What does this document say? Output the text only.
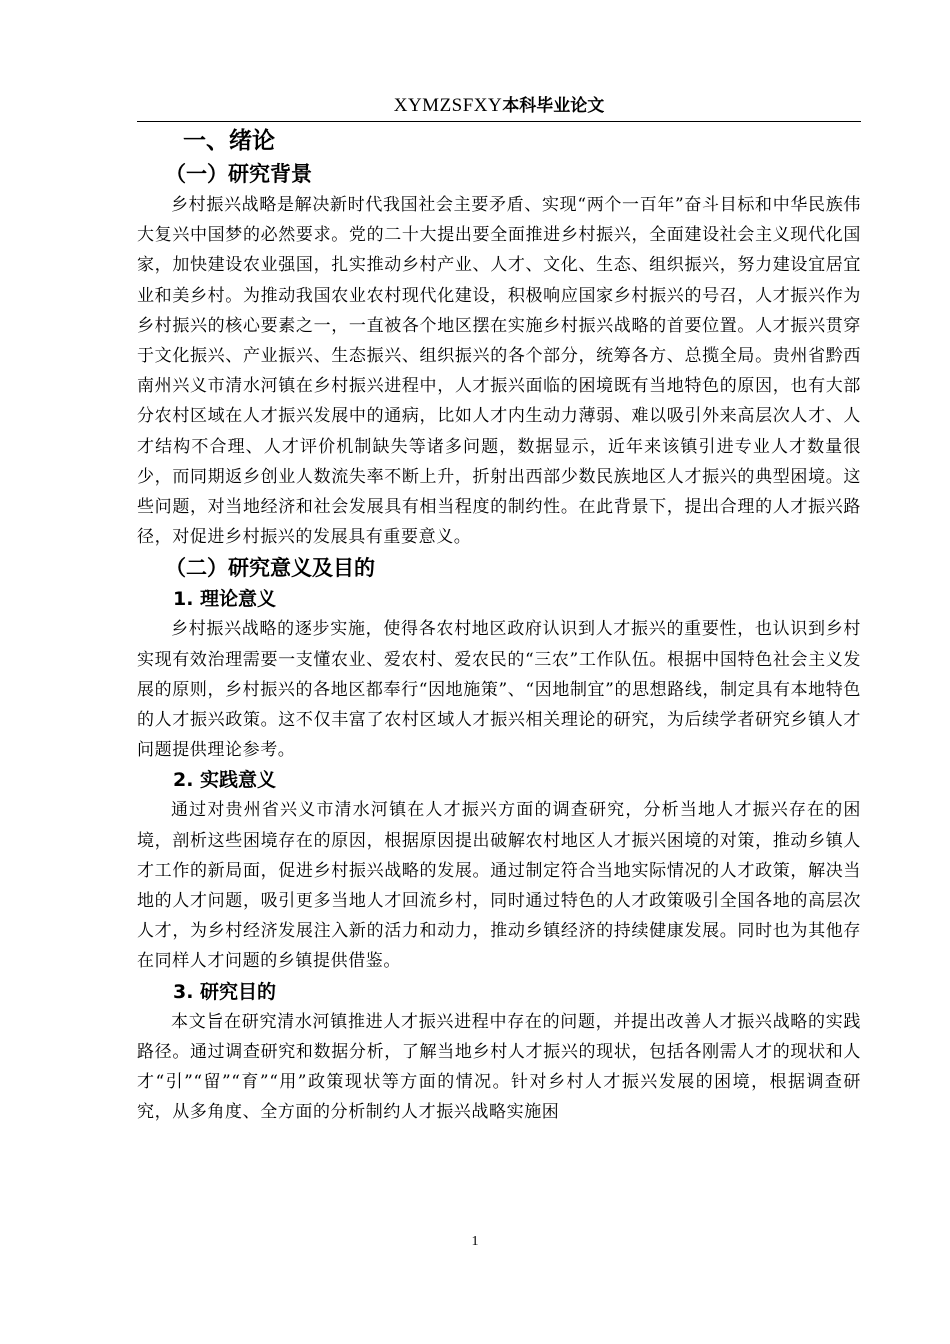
XYMZSFXY本科毕业论文
一、绪论
（一）研究背景

乡村振兴战略是解决新时代我国社会主要矛盾、实现“两个一百年”奋斗目标和中华民族伟大复兴中国梦的必然要求。党的二十大提出要全面推进乡村振兴，全面建设社会主义现代化国家，加快建设农业强国，扎实推动乡村产业、人才、文化、生态、组织振兴，努力建设宜居宜业和美乡村。为推动我国农业农村现代化建设，积极响应国家乡村振兴的号召，人才振兴作为乡村振兴的核心要素之一，一直被各个地区摆在实施乡村振兴战略的首要位置。人才振兴贯穿于文化振兴、产业振兴、生态振兴、组织振兴的各个部分，统筹各方、总揽全局。贵州省黔西南州兴义市清水河镇在乡村振兴进程中，人才振兴面临的困境既有当地特色的原因，也有大部分农村区域在人才振兴发展中的通病，比如人才内生动力薄弱、难以吸引外来高层次人才、人才结构不合理、人才评价机制缺失等诸多问题，数据显示，近年来该镇引进专业人才数量很少，而同期返乡创业人数流失率不断上升，折射出西部少数民族地区人才振兴的典型困境。这些问题，对当地经济和社会发展具有相当程度的制约性。在此背景下，提出合理的人才振兴路径，对促进乡村振兴的发展具有重要意义。

（二）研究意义及目的
1. 理论意义

乡村振兴战略的逐步实施，使得各农村地区政府认识到人才振兴的重要性，也认识到乡村实现有效治理需要一支懂农业、爱农村、爱农民的“三农”工作队伍。根据中国特色社会主义发展的原则，乡村振兴的各地区都奉行“因地施策”、“因地制宜”的思想路线，制定具有本地特色的人才振兴政策。这不仅丰富了农村区域人才振兴相关理论的研究，为后续学者研究乡镇人才问题提供理论参考。

2. 实践意义

通过对贵州省兴义市清水河镇在人才振兴方面的调查研究，分析当地人才振兴存在的困境，剖析这些困境存在的原因，根据原因提出破解农村地区人才振兴困境的对策，推动乡镇人才工作的新局面，促进乡村振兴战略的发展。通过制定符合当地实际情况的人才政策，解决当地的人才问题，吸引更多当地人才回流乡村，同时通过特色的人才政策吸引全国各地的高层次人才，为乡村经济发展注入新的活力和动力，推动乡镇经济的持续健康发展。同时也为其他存在同样人才问题的乡镇提供借鉴。

3. 研究目的

本文旨在研究清水河镇推进人才振兴进程中存在的问题，并提出改善人才振兴战略的实践路径。通过调查研究和数据分析，了解当地乡村人才振兴的现状，包括各刚需人才的现状和人才“引”“留”“育”“用”政策现状等方面的情况。针对乡村人才振兴发展的困境，根据调查研究，从多角度、全方面的分析制约人才振兴战略实施困

1
